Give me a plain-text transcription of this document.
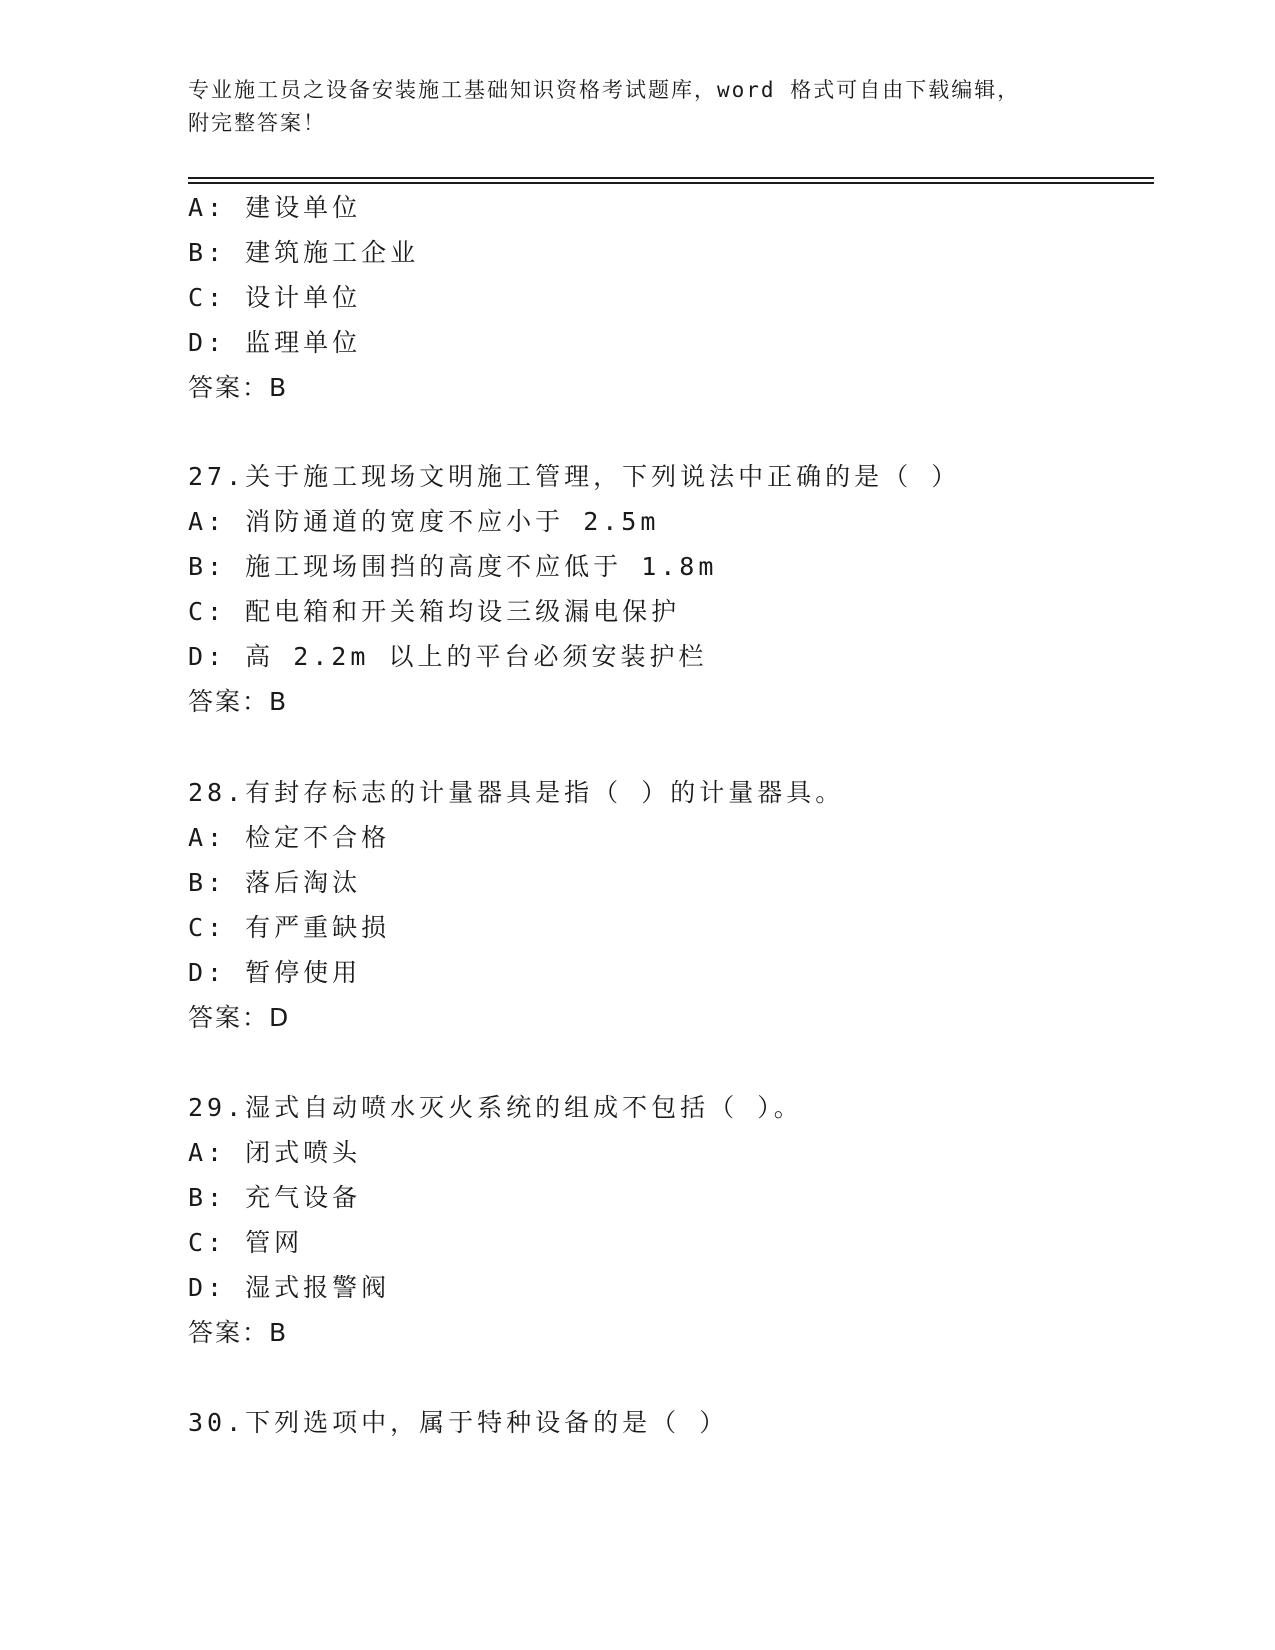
专业施工员之设备安装施工基础知识资格考试题库，word 格式可自由下载编辑，
附完整答案！
A: 建设单位
B: 建筑施工企业
C: 设计单位
D: 监理单位
答案：B
27.关于施工现场文明施工管理，下列说法中正确的是（ ）
A: 消防通道的宽度不应小于 2.5m
B: 施工现场围挡的高度不应低于 1.8m
C: 配电箱和开关箱均设三级漏电保护
D: 高 2.2m 以上的平台必须安装护栏
答案：B
28.有封存标志的计量器具是指（ ）的计量器具。
A: 检定不合格
B: 落后淘汰
C: 有严重缺损
D: 暂停使用
答案：D
29.湿式自动喷水灭火系统的组成不包括（ ）。
A: 闭式喷头
B: 充气设备
C: 管网
D: 湿式报警阀
答案：B
30.下列选项中，属于特种设备的是（ ）
